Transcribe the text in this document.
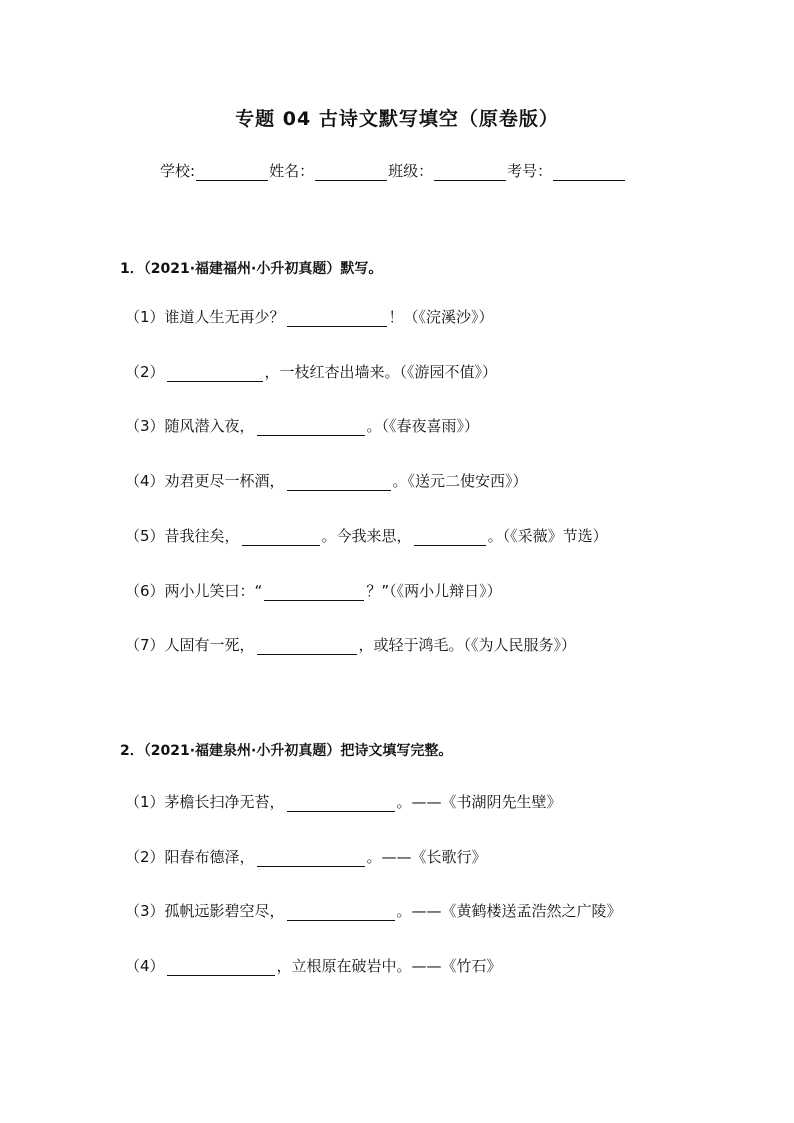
专题 04 古诗文默写填空（原卷版）
学校:	姓名：	班级：	考号：
1．（2021·福建福州·小升初真题）默写。
（1）谁道人生无再少？	！（《浣溪沙》）
（2）	，一枝红杏出墙来。（《游园不值》）
（3）随风潜入夜，	。（《春夜喜雨》）
（4）劝君更尽一杯酒，	。《送元二使安西》）
（5）昔我往矣，	。今我来思，	。（《采薇》节选）
（6）两小儿笑曰：“	？”（《两小儿辩日》）
（7）人固有一死，	，或轻于鸿毛。（《为人民服务》）
2．（2021·福建泉州·小升初真题）把诗文填写完整。
（1）茅檐长扫净无苔，	。——《书湖阴先生壁》
（2）阳春布德泽，	。——《长歌行》
（3）孤帆远影碧空尽，	。——《黄鹤楼送孟浩然之广陵》
（4）	，立根原在破岩中。——《竹石》
